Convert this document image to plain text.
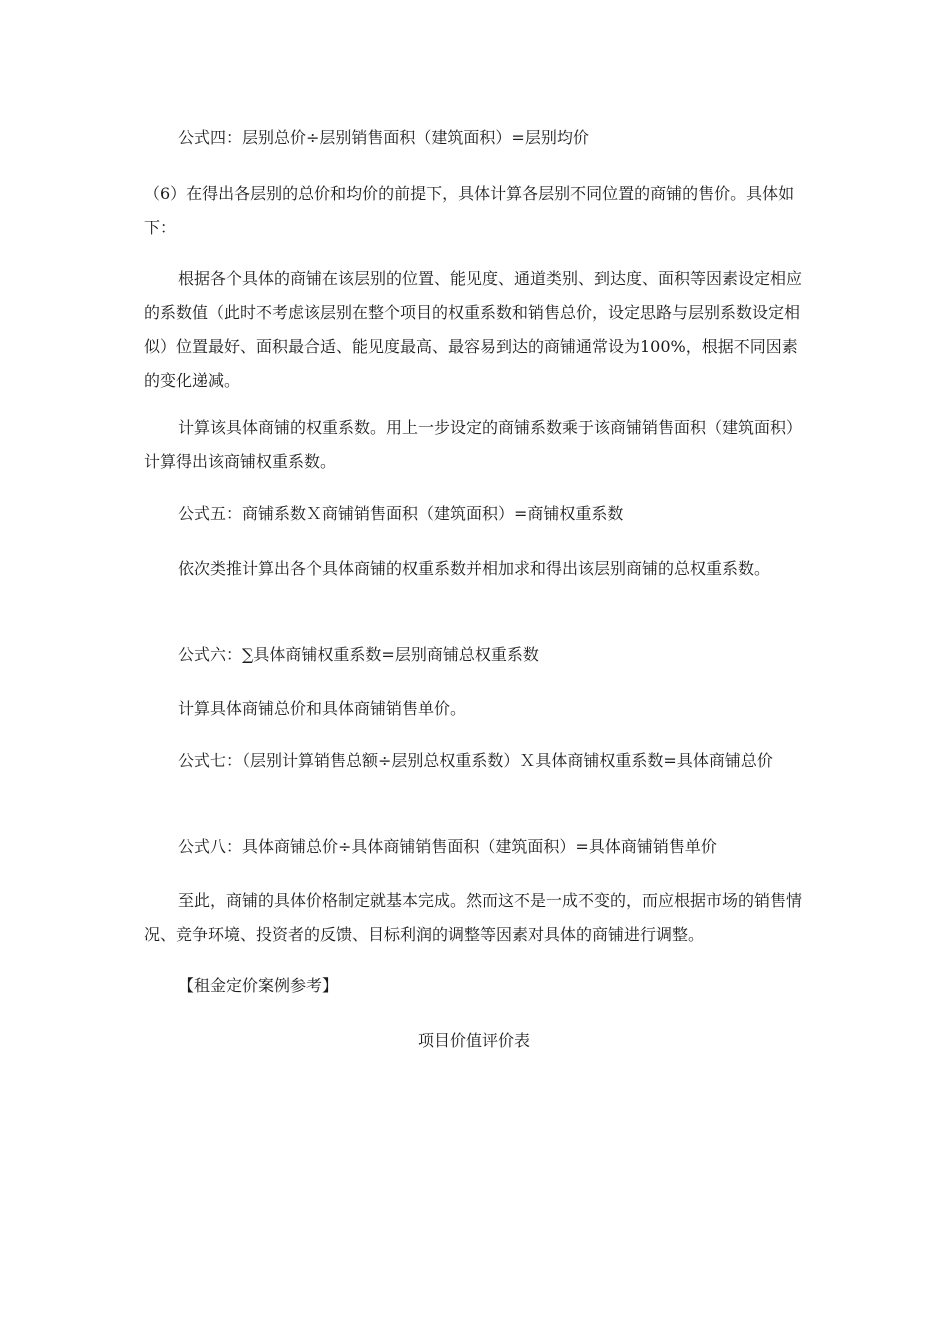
公式四：层别总价÷层别销售面积（建筑面积）=层别均价

（6）在得出各层别的总价和均价的前提下，具体计算各层别不同位置的商铺的售价。具体如下：

根据各个具体的商铺在该层别的位置、能见度、通道类别、到达度、面积等因素设定相应的系数值（此时不考虑该层别在整个项目的权重系数和销售总价，设定思路与层别系数设定相似）位置最好、面积最合适、能见度最高、最容易到达的商铺通常设为100%，根据不同因素的变化递减。

计算该具体商铺的权重系数。用上一步设定的商铺系数乘于该商铺销售面积（建筑面积）计算得出该商铺权重系数。

公式五：商铺系数Ｘ商铺销售面积（建筑面积）=商铺权重系数

依次类推计算出各个具体商铺的权重系数并相加求和得出该层别商铺的总权重系数。

公式六：∑具体商铺权重系数=层别商铺总权重系数

计算具体商铺总价和具体商铺销售单价。

公式七：（层别计算销售总额÷层别总权重系数）Ｘ具体商铺权重系数=具体商铺总价

公式八：具体商铺总价÷具体商铺销售面积（建筑面积）=具体商铺销售单价

至此，商铺的具体价格制定就基本完成。然而这不是一成不变的，而应根据市场的销售情况、竞争环境、投资者的反馈、目标利润的调整等因素对具体的商铺进行调整。

【租金定价案例参考】

项目价值评价表
